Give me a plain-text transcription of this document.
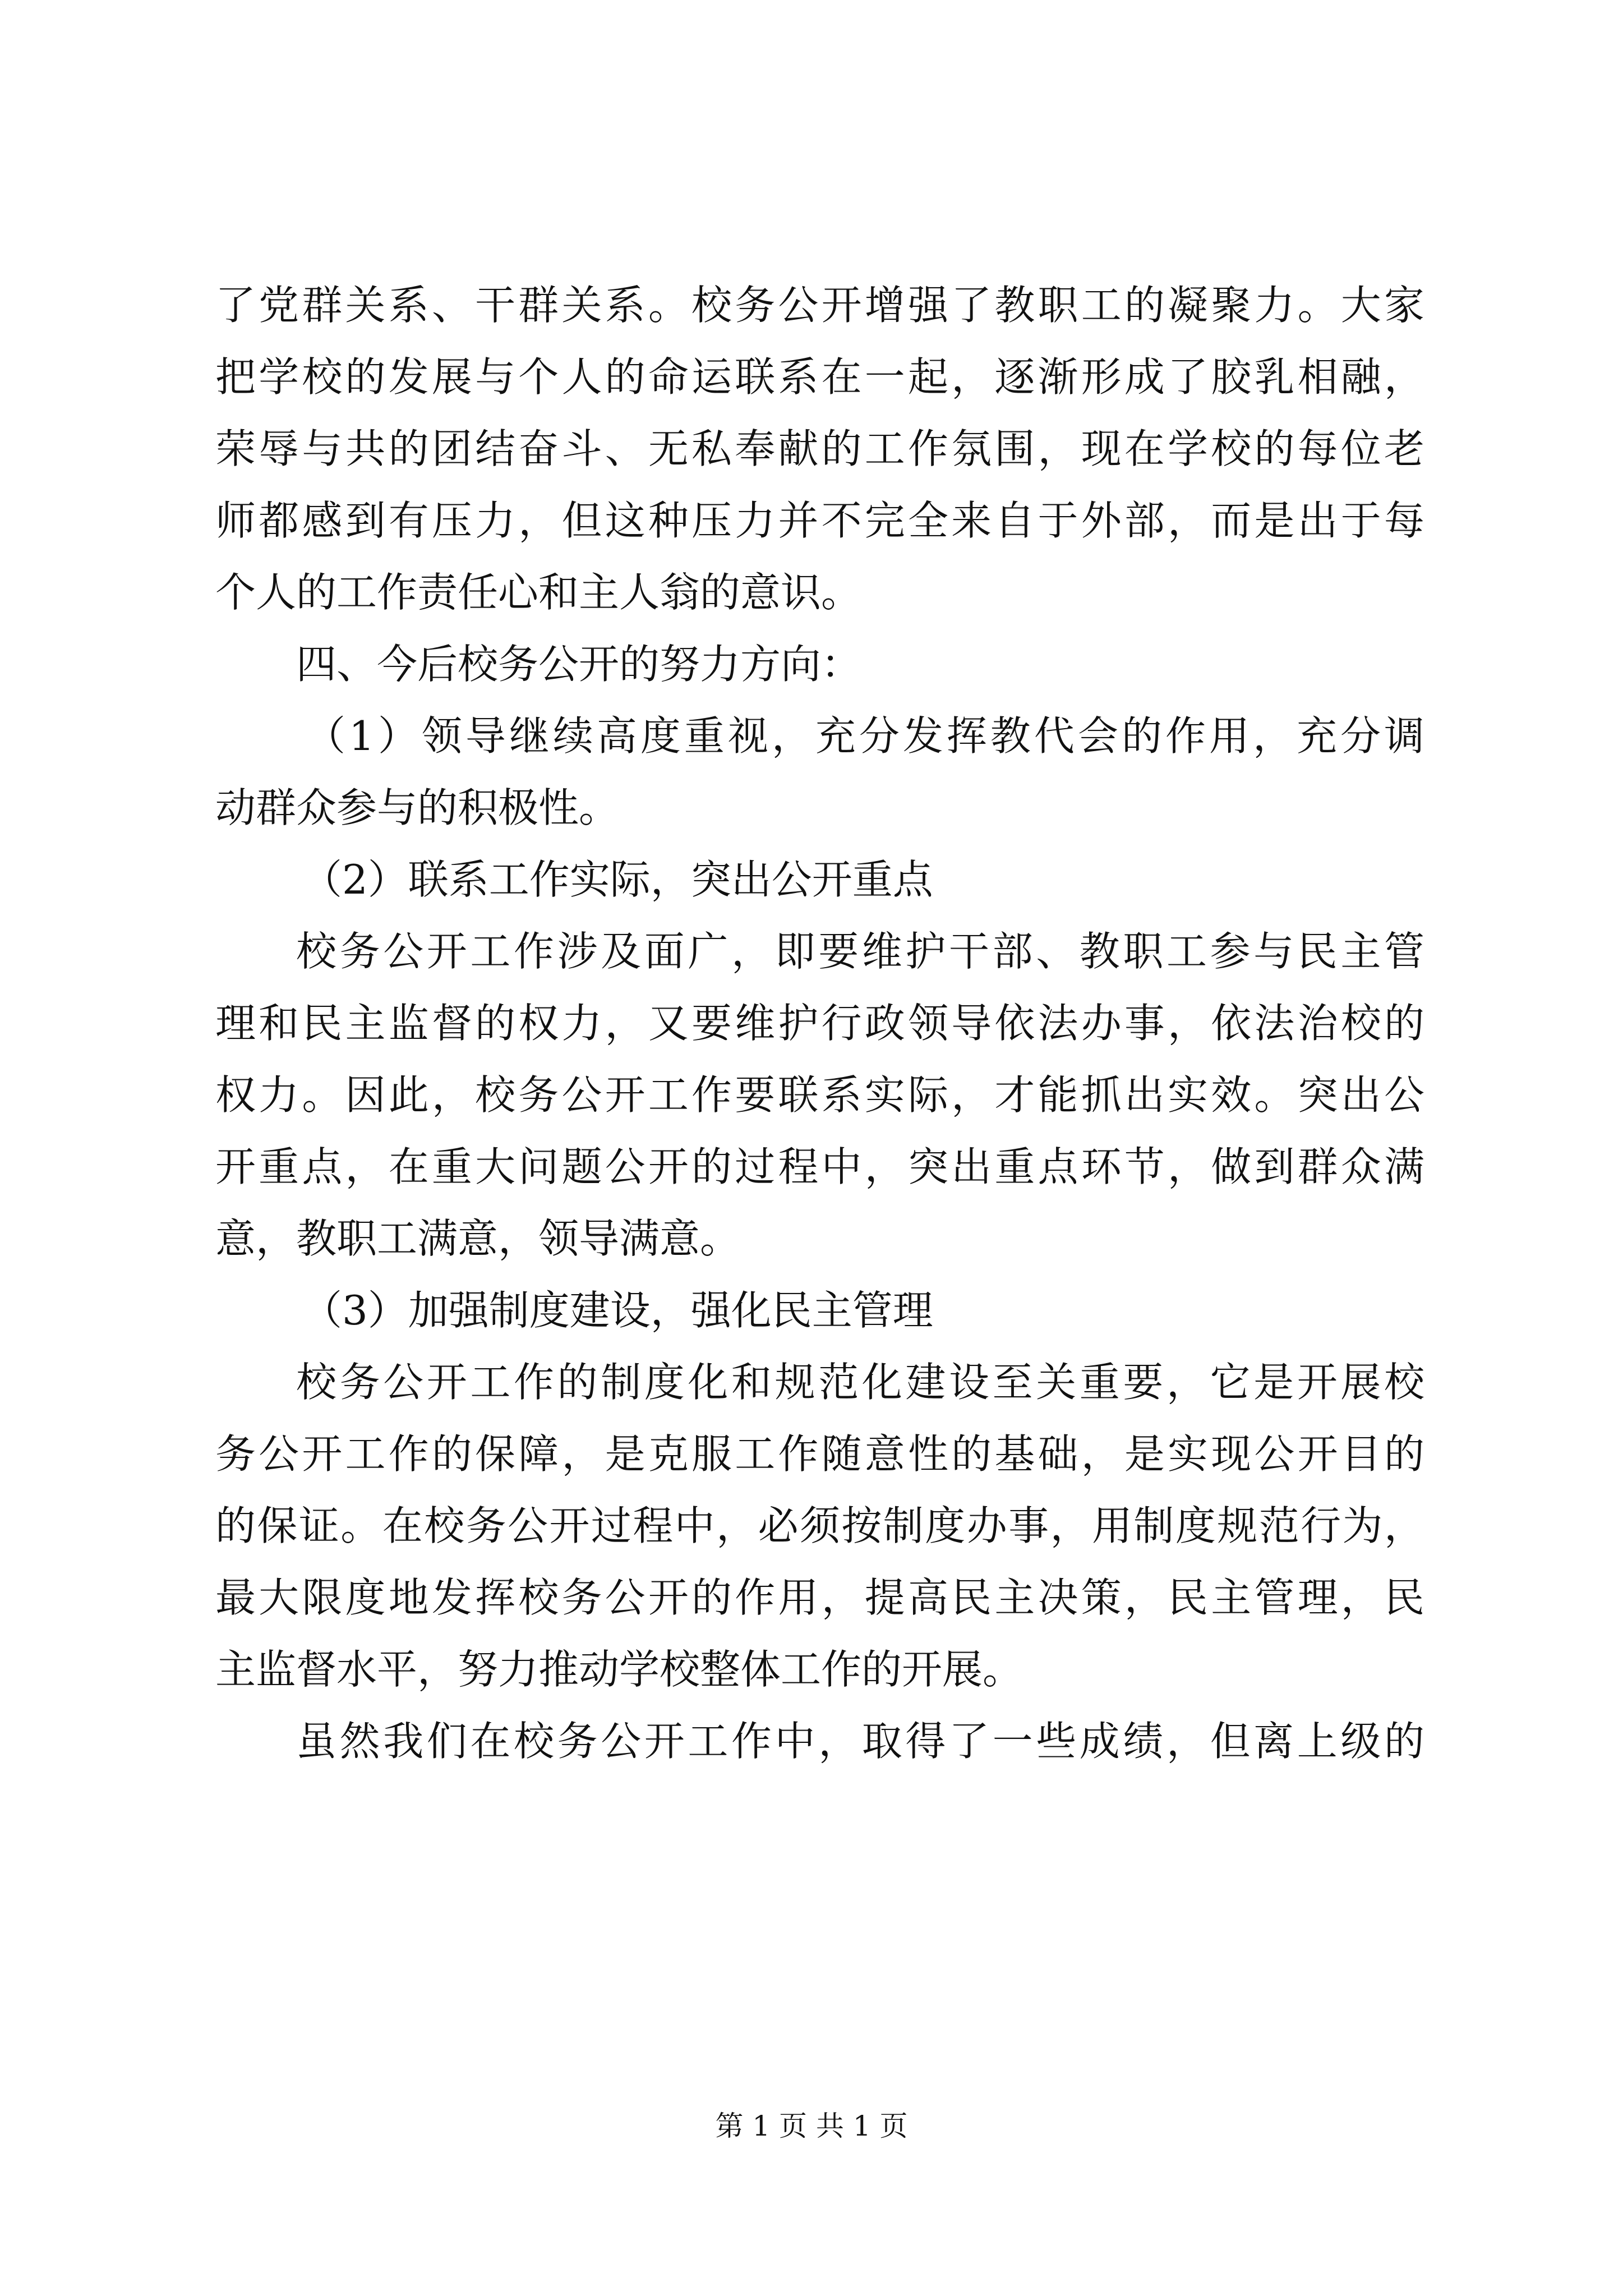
了党群关系、干群关系。校务公开增强了教职工的凝聚力。大家
把学校的发展与个人的命运联系在一起，逐渐形成了胶乳相融，
荣辱与共的团结奋斗、无私奉献的工作氛围，现在学校的每位老
师都感到有压力，但这种压力并不完全来自于外部，而是出于每
个人的工作责任心和主人翁的意识。
四、今后校务公开的努力方向：
（1）领导继续高度重视，充分发挥教代会的作用，充分调
动群众参与的积极性。
（2）联系工作实际，突出公开重点
校务公开工作涉及面广，即要维护干部、教职工参与民主管
理和民主监督的权力，又要维护行政领导依法办事，依法治校的
权力。因此，校务公开工作要联系实际，才能抓出实效。突出公
开重点，在重大问题公开的过程中，突出重点环节，做到群众满
意，教职工满意，领导满意。
（3）加强制度建设，强化民主管理
校务公开工作的制度化和规范化建设至关重要，它是开展校
务公开工作的保障，是克服工作随意性的基础，是实现公开目的
的保证。在校务公开过程中，必须按制度办事，用制度规范行为，
最大限度地发挥校务公开的作用，提高民主决策，民主管理，民
主监督水平，努力推动学校整体工作的开展。
虽然我们在校务公开工作中，取得了一些成绩，但离上级的
第 1 页 共 1 页
